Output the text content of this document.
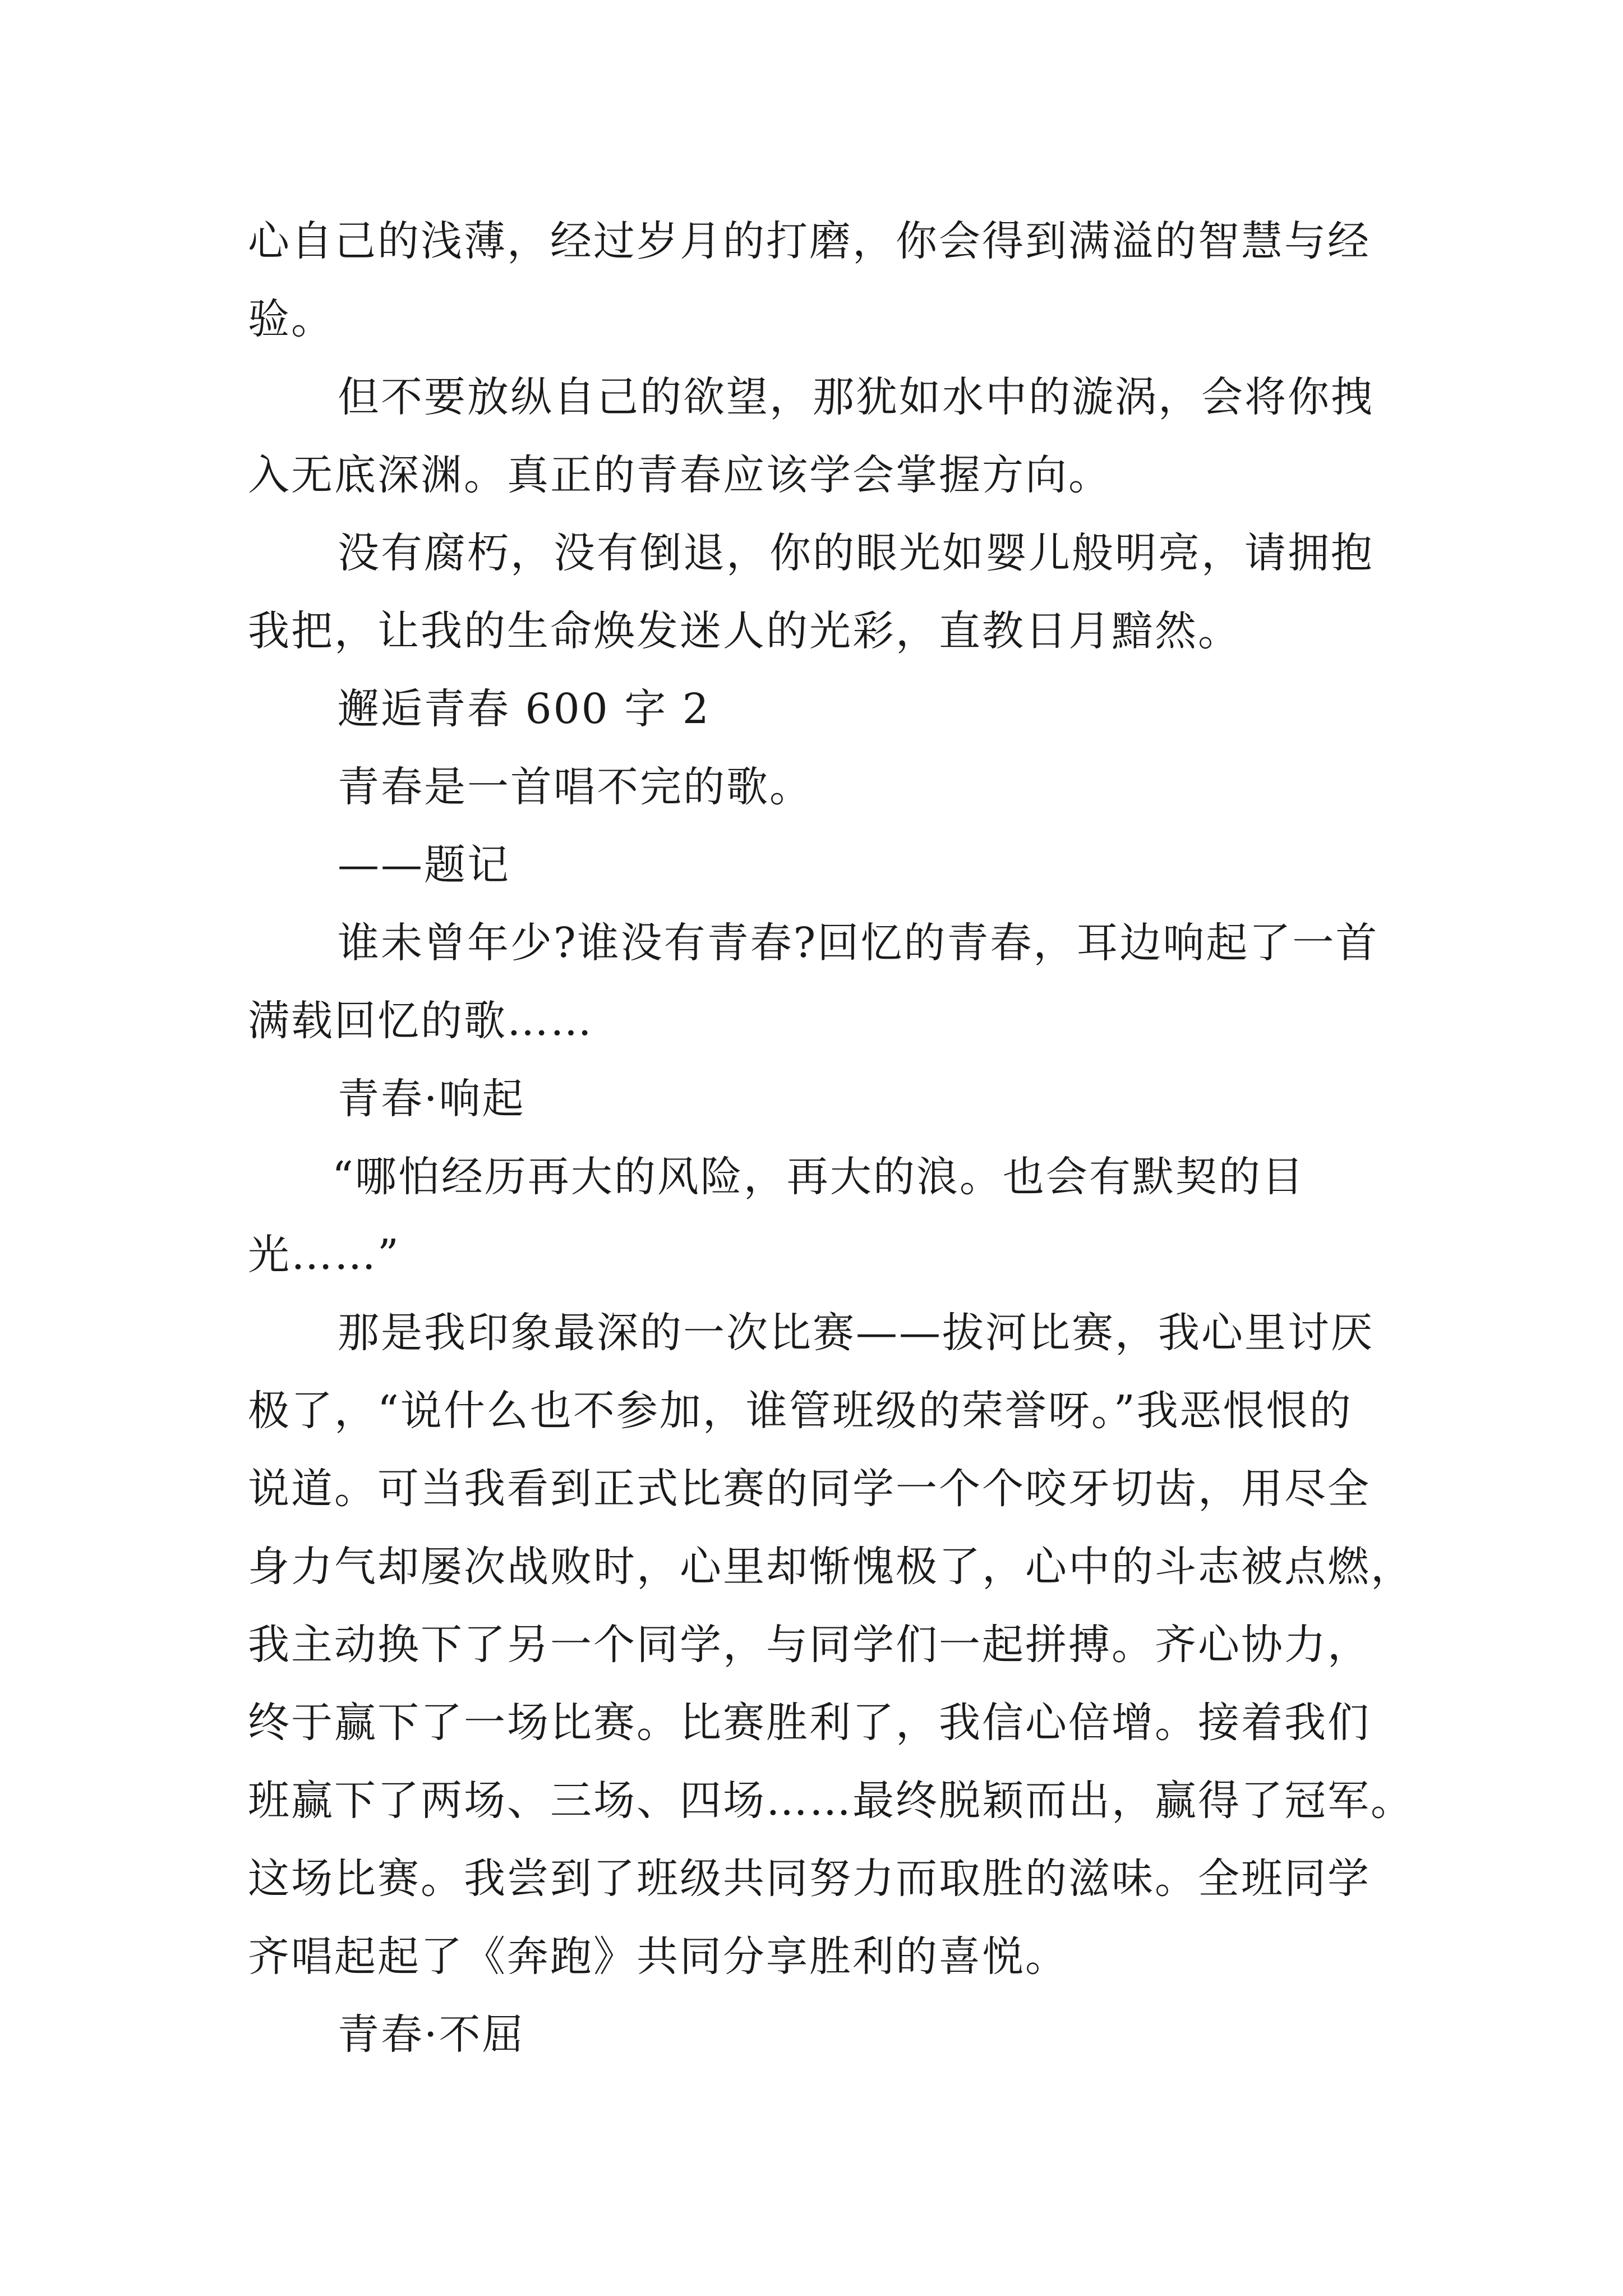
心自己的浅薄，经过岁月的打磨，你会得到满溢的智慧与经
验。
但不要放纵自己的欲望，那犹如水中的漩涡，会将你拽
入无底深渊。真正的青春应该学会掌握方向。
没有腐朽，没有倒退，你的眼光如婴儿般明亮，请拥抱
我把，让我的生命焕发迷人的光彩，直教日月黯然。
邂逅青春 600 字 2
青春是一首唱不完的歌。
——题记
谁未曾年少?谁没有青春?回忆的青春，耳边响起了一首
满载回忆的歌……
青春·响起
“哪怕经历再大的风险，再大的浪。也会有默契的目
光……”
那是我印象最深的一次比赛——拔河比赛，我心里讨厌
极了，“说什么也不参加，谁管班级的荣誉呀。”我恶恨恨的
说道。可当我看到正式比赛的同学一个个咬牙切齿，用尽全
身力气却屡次战败时，心里却惭愧极了，心中的斗志被点燃，
我主动换下了另一个同学，与同学们一起拼搏。齐心协力，
终于赢下了一场比赛。比赛胜利了，我信心倍增。接着我们
班赢下了两场、三场、四场……最终脱颖而出，赢得了冠军。
这场比赛。我尝到了班级共同努力而取胜的滋味。全班同学
齐唱起起了《奔跑》共同分享胜利的喜悦。
青春·不屈
